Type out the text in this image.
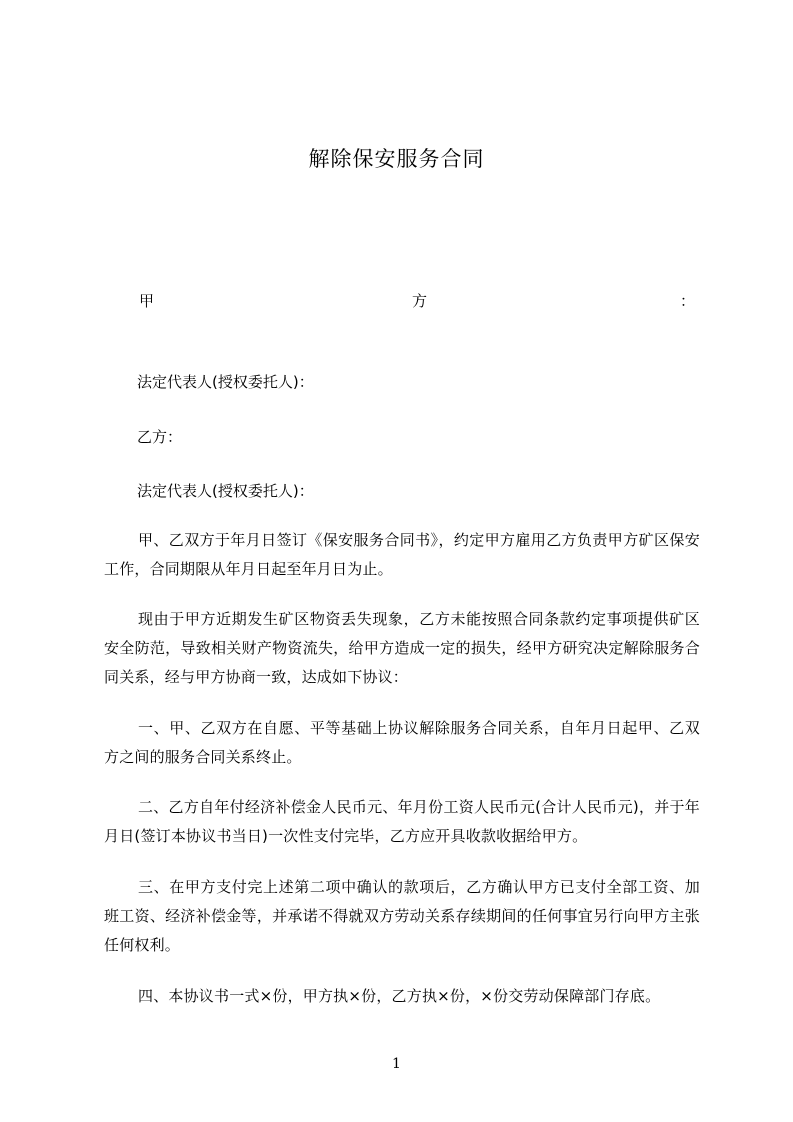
解除保安服务合同
甲	方	：
法定代表人(授权委托人)：
乙方：
法定代表人(授权委托人)：
甲、乙双方于年月日签订《保安服务合同书》，约定甲方雇用乙方负责甲方矿区保安工作，合同期限从年月日起至年月日为止。
现由于甲方近期发生矿区物资丢失现象，乙方未能按照合同条款约定事项提供矿区安全防范，导致相关财产物资流失，给甲方造成一定的损失，经甲方研究决定解除服务合同关系，经与甲方协商一致，达成如下协议：
一、甲、乙双方在自愿、平等基础上协议解除服务合同关系，自年月日起甲、乙双方之间的服务合同关系终止。
二、乙方自年付经济补偿金人民币元、年月份工资人民币元(合计人民币元)，并于年月日(签订本协议书当日)一次性支付完毕，乙方应开具收款收据给甲方。
三、在甲方支付完上述第二项中确认的款项后，乙方确认甲方已支付全部工资、加班工资、经济补偿金等，并承诺不得就双方劳动关系存续期间的任何事宜另行向甲方主张任何权利。
四、本协议书一式×份，甲方执×份，乙方执×份，×份交劳动保障部门存底。
1
